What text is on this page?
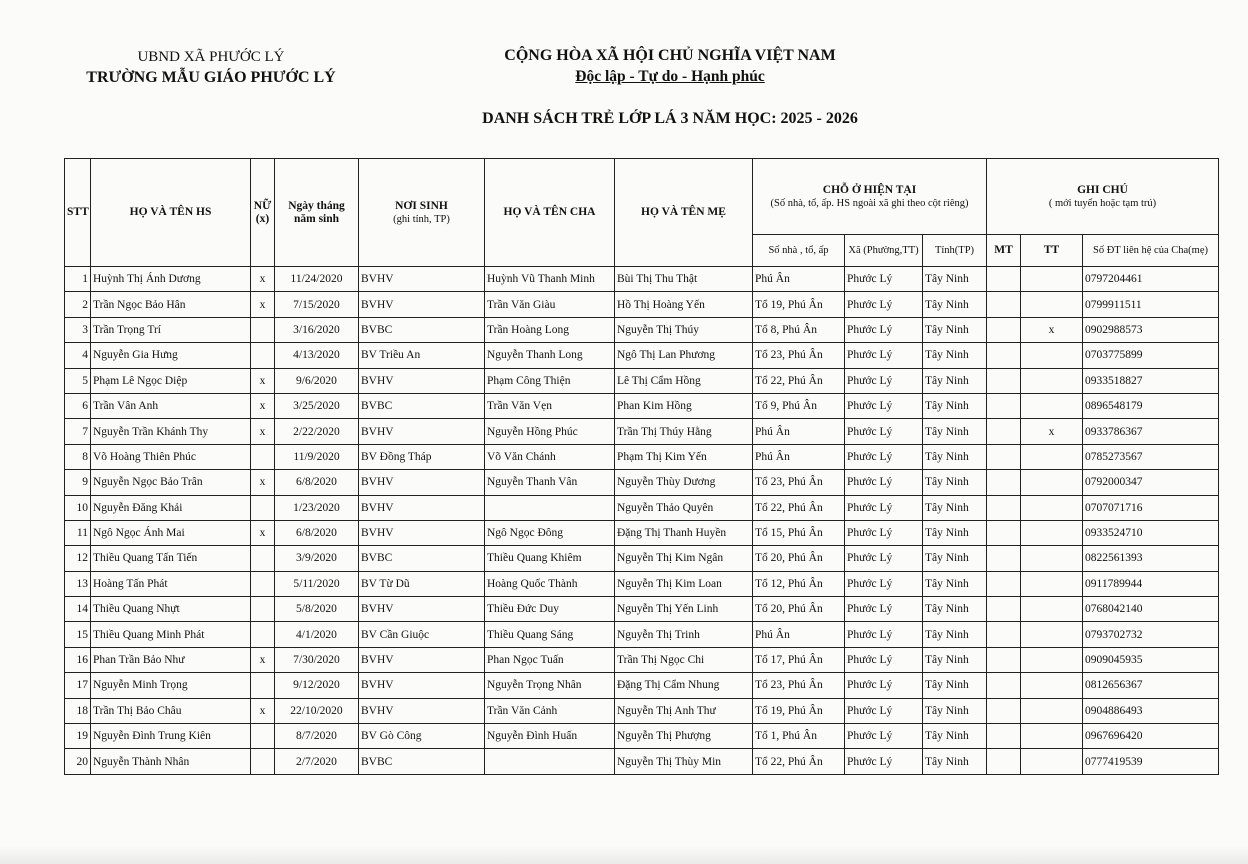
UBND XÃ PHƯỚC LÝ
TRƯỜNG MẪU GIÁO PHƯỚC LÝ
CỘNG HÒA XÃ HỘI CHỦ NGHĨA VIỆT NAM
Độc lập - Tự do - Hạnh phúc
DANH SÁCH TRẺ LỚP LÁ 3 NĂM HỌC: 2025 - 2026
STT	HỌ VÀ TÊN HS	NỮ (x)	Ngày tháng năm sinh	NƠI SINH
(ghi tỉnh, TP)	HỌ VÀ TÊN CHA	HỌ VÀ TÊN MẸ	CHỖ Ở HIỆN TẠI
(Số nhà, tổ, ấp. HS ngoài xã ghi theo cột riêng)			GHI CHÚ
( mới tuyển hoặc tạm trú)		

							Số nhà , tổ, ấp	Xã (Phường,TT)	Tỉnh(TP)	MT	TT	Số ĐT liên hệ của Cha(mẹ)
1	Huỳnh Thị Ánh Dương	x	11/24/2020	BVHV	Huỳnh Vũ Thanh Minh	Bùi Thị Thu Thật	Phú Ân	Phước Lý	Tây Ninh			0797204461
2	Trần Ngọc Bảo Hân	x	7/15/2020	BVHV	Trần Văn Giàu	Hồ Thị Hoàng Yến	Tổ 19, Phú Ân	Phước Lý	Tây Ninh			0799911511
3	Trần Trọng Trí		3/16/2020	BVBC	Trần Hoàng Long	Nguyễn Thị Thúy	Tổ 8, Phú Ân	Phước Lý	Tây Ninh		x	0902988573
4	Nguyễn Gia Hưng		4/13/2020	BV Triều An	Nguyễn Thanh Long	Ngô Thị Lan Phương	Tổ 23, Phú Ân	Phước Lý	Tây Ninh			0703775899
5	Phạm Lê Ngọc Diệp	x	9/6/2020	BVHV	Phạm Công Thiện	Lê Thị Cẩm Hồng	Tổ 22, Phú Ân	Phước Lý	Tây Ninh			0933518827
6	Trần Vân Anh	x	3/25/2020	BVBC	Trần Văn Vẹn	Phan Kim Hồng	Tổ 9, Phú Ân	Phước Lý	Tây Ninh			0896548179
7	Nguyễn Trần Khánh Thy	x	2/22/2020	BVHV	Nguyễn Hồng Phúc	Trần Thị Thúy Hằng	Phú Ân	Phước Lý	Tây Ninh		x	0933786367
8	Võ Hoàng Thiên Phúc		11/9/2020	BV Đồng Tháp	Võ Văn Chánh	Phạm Thị Kim Yến	Phú Ân	Phước Lý	Tây Ninh			0785273567
9	Nguyễn Ngọc Bảo Trân	x	6/8/2020	BVHV	Nguyễn Thanh Vân	Nguyễn Thùy Dương	Tổ 23, Phú Ân	Phước Lý	Tây Ninh			0792000347
10	Nguyễn Đăng Khải		1/23/2020	BVHV		Nguyễn Thảo Quyên	Tổ 22, Phú Ân	Phước Lý	Tây Ninh			0707071716
11	Ngô Ngọc Ánh Mai	x	6/8/2020	BVHV	Ngô Ngọc Đông	Đặng Thị Thanh Huyền	Tổ 15, Phú Ân	Phước Lý	Tây Ninh			0933524710
12	Thiều Quang Tấn Tiến		3/9/2020	BVBC	Thiều Quang Khiêm	Nguyễn Thị Kim Ngân	Tổ 20, Phú Ân	Phước Lý	Tây Ninh			0822561393
13	Hoàng Tấn Phát		5/11/2020	BV Từ Dũ	Hoàng Quốc Thành	Nguyễn Thị Kim Loan	Tổ 12, Phú Ân	Phước Lý	Tây Ninh			0911789944
14	Thiều Quang Nhựt		5/8/2020	BVHV	Thiều Đức Duy	Nguyễn Thị Yến Linh	Tổ 20, Phú Ân	Phước Lý	Tây Ninh			0768042140
15	Thiều Quang Minh Phát		4/1/2020	BV Cần Giuộc	Thiều Quang Sáng	Nguyễn Thị Trinh	Phú Ân	Phước Lý	Tây Ninh			0793702732
16	Phan Trần Bảo Như	x	7/30/2020	BVHV	Phan Ngọc Tuấn	Trần Thị Ngọc Chi	Tổ 17, Phú Ân	Phước Lý	Tây Ninh			0909045935
17	Nguyễn Minh Trọng		9/12/2020	BVHV	Nguyễn Trọng Nhân	Đặng Thị Cẩm Nhung	Tổ 23, Phú Ân	Phước Lý	Tây Ninh			0812656367
18	Trần Thị Bảo Châu	x	22/10/2020	BVHV	Trần Văn Cảnh	Nguyễn Thị Anh Thư	Tổ 19, Phú Ân	Phước Lý	Tây Ninh			0904886493
19	Nguyễn Đình Trung Kiên		8/7/2020	BV Gò Công	Nguyễn Đình Huấn	Nguyễn Thị Phượng	Tổ 1, Phú Ân	Phước Lý	Tây Ninh			0967696420
20	Nguyễn Thành Nhân		2/7/2020	BVBC		Nguyễn Thị Thùy Min	Tổ 22, Phú Ân	Phước Lý	Tây Ninh			0777419539
